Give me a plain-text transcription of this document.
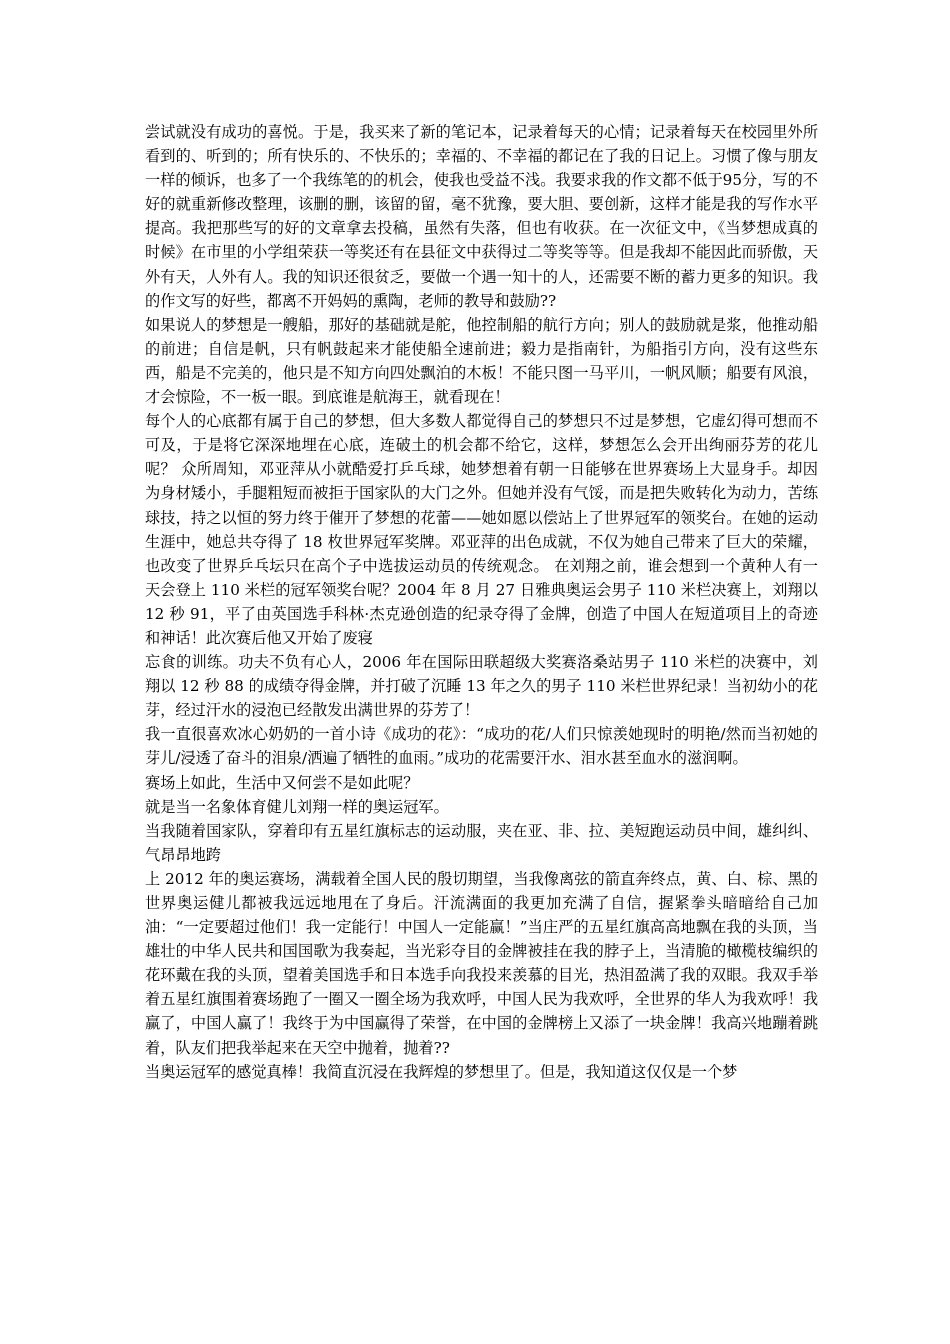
尝试就没有成功的喜悦。于是，我买来了新的笔记本，记录着每天的心情；记录着每天在校园里外所看到的、听到的；所有快乐的、不快乐的；幸福的、不幸福的都记在了我的日记上。习惯了像与朋友一样的倾诉，也多了一个我练笔的的机会，使我也受益不浅。我要求我的作文都不低于95分，写的不好的就重新修改整理，该删的删，该留的留，毫不犹豫，要大胆、要创新，这样才能是我的写作水平提高。我把那些写的好的文章拿去投稿，虽然有失落，但也有收获。在一次征文中，《当梦想成真的时候》在市里的小学组荣获一等奖还有在县征文中获得过二等奖等等。但是我却不能因此而骄傲，天外有天，人外有人。我的知识还很贫乏，要做一个遇一知十的人，还需要不断的蓄力更多的知识。我的作文写的好些，都离不开妈妈的熏陶，老师的教导和鼓励??

如果说人的梦想是一艘船，那好的基础就是舵，他控制船的航行方向；别人的鼓励就是浆，他推动船的前进；自信是帆，只有帆鼓起来才能使船全速前进；毅力是指南针，为船指引方向，没有这些东西，船是不完美的，他只是不知方向四处飘泊的木板！不能只图一马平川，一帆风顺；船要有风浪，才会惊险，不一板一眼。到底谁是航海王，就看现在！

每个人的心底都有属于自己的梦想，但大多数人都觉得自己的梦想只不过是梦想，它虚幻得可想而不可及，于是将它深深地埋在心底，连破土的机会都不给它，这样，梦想怎么会开出绚丽芬芳的花儿呢？ 众所周知，邓亚萍从小就酷爱打乒乓球，她梦想着有朝一日能够在世界赛场上大显身手。却因为身材矮小，手腿粗短而被拒于国家队的大门之外。但她并没有气馁，而是把失败转化为动力，苦练球技，持之以恒的努力终于催开了梦想的花蕾——她如愿以偿站上了世界冠军的领奖台。在她的运动生涯中，她总共夺得了 18 枚世界冠军奖牌。邓亚萍的出色成就，不仅为她自己带来了巨大的荣耀，也改变了世界乒乓坛只在高个子中选拔运动员的传统观念。 在刘翔之前，谁会想到一个黄种人有一天会登上 110 米栏的冠军领奖台呢？2004 年 8 月 27 日雅典奥运会男子 110 米栏决赛上，刘翔以 12 秒 91，平了由英国选手科林·杰克逊创造的纪录夺得了金牌，创造了中国人在短道项目上的奇迹和神话！此次赛后他又开始了废寝

忘食的训练。功夫不负有心人，2006 年在国际田联超级大奖赛洛桑站男子 110 米栏的决赛中，刘翔以 12 秒 88 的成绩夺得金牌，并打破了沉睡 13 年之久的男子 110 米栏世界纪录！当初幼小的花芽，经过汗水的浸泡已经散发出满世界的芬芳了！

我一直很喜欢冰心奶奶的一首小诗《成功的花》：“成功的花/人们只惊羡她现时的明艳/然而当初她的芽儿/浸透了奋斗的泪泉/洒遍了牺牲的血雨。”成功的花需要汗水、泪水甚至血水的滋润啊。

赛场上如此，生活中又何尝不是如此呢？

就是当一名象体育健儿刘翔一样的奥运冠军。

当我随着国家队，穿着印有五星红旗标志的运动服，夹在亚、非、拉、美短跑运动员中间，雄纠纠、气昂昂地跨

上 2012 年的奥运赛场，满载着全国人民的殷切期望，当我像离弦的箭直奔终点，黄、白、棕、黑的世界奥运健儿都被我远远地甩在了身后。汗流满面的我更加充满了自信，握紧拳头暗暗给自己加油：“一定要超过他们！我一定能行！中国人一定能赢！”当庄严的五星红旗高高地飘在我的头顶，当雄壮的中华人民共和国国歌为我奏起，当光彩夺目的金牌被挂在我的脖子上，当清脆的橄榄枝编织的花环戴在我的头顶，望着美国选手和日本选手向我投来羡慕的目光，热泪盈满了我的双眼。我双手举着五星红旗围着赛场跑了一圈又一圈全场为我欢呼，中国人民为我欢呼，全世界的华人为我欢呼！我赢了，中国人赢了！我终于为中国赢得了荣誉，在中国的金牌榜上又添了一块金牌！我高兴地蹦着跳着，队友们把我举起来在天空中抛着，抛着??

当奥运冠军的感觉真棒！我简直沉浸在我辉煌的梦想里了。但是，我知道这仅仅是一个梦
